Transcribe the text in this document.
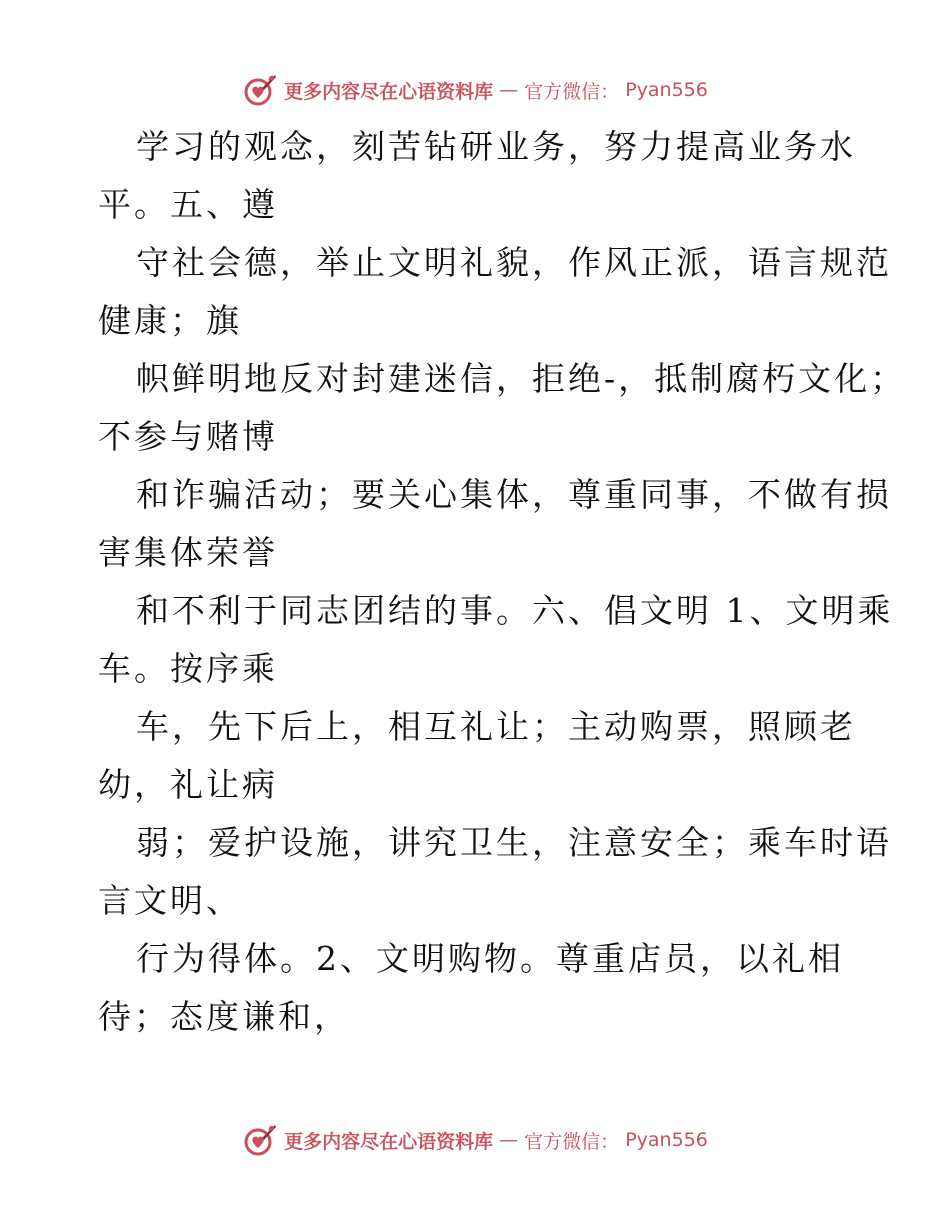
更多内容尽在心语资料库 — 官方微信： Pyan556
学习的观念，刻苦钻研业务，努力提高业务水
平。五、遵
守社会德，举止文明礼貌，作风正派，语言规范
健康；旗
帜鲜明地反对封建迷信，拒绝-，抵制腐朽文化；
不参与赌博
和诈骗活动；要关心集体，尊重同事，不做有损
害集体荣誉
和不利于同志团结的事。六、倡文明 1、文明乘
车。按序乘
车，先下后上，相互礼让；主动购票，照顾老
幼，礼让病
弱；爱护设施，讲究卫生，注意安全；乘车时语
言文明、
行为得体。2、文明购物。尊重店员，以礼相
待；态度谦和，
更多内容尽在心语资料库 — 官方微信： Pyan556
